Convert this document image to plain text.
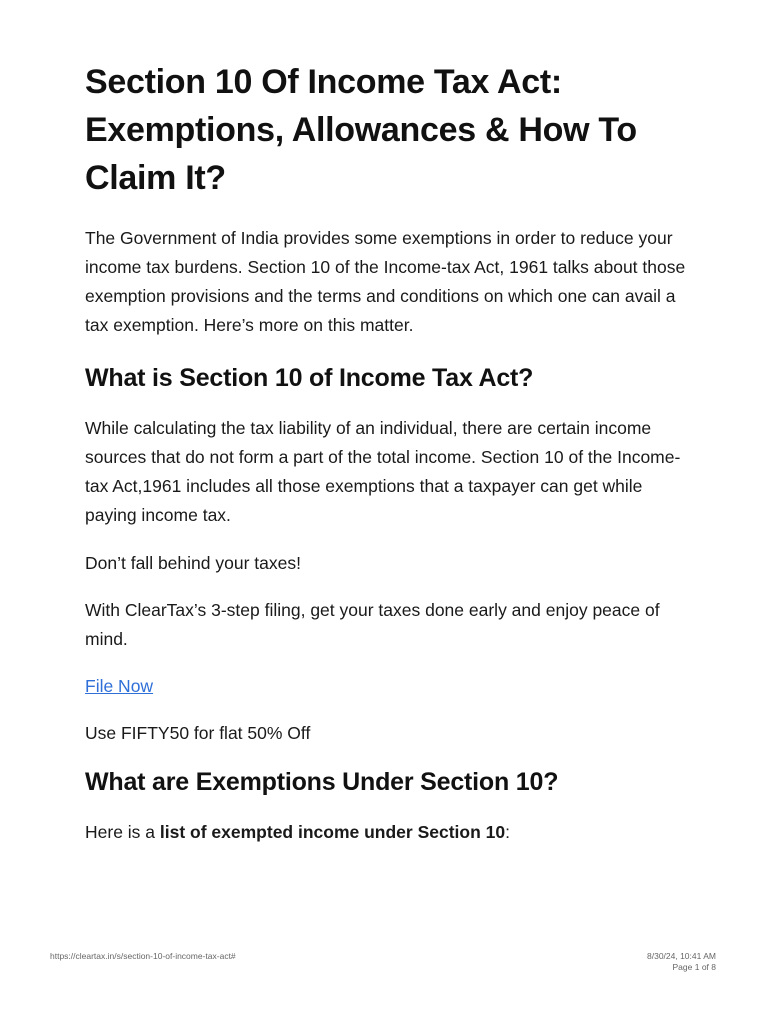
Section 10 Of Income Tax Act: Exemptions, Allowances & How To Claim It?

The Government of India provides some exemptions in order to reduce your income tax burdens. Section 10 of the Income-tax Act, 1961 talks about those exemption provisions and the terms and conditions on which one can avail a tax exemption. Here’s more on this matter.

What is Section 10 of Income Tax Act?

While calculating the tax liability of an individual, there are certain income sources that do not form a part of the total income. Section 10 of the Income-tax Act,1961 includes all those exemptions that a taxpayer can get while paying income tax.

Don’t fall behind your taxes!

With ClearTax’s 3-step filing, get your taxes done early and enjoy peace of mind.

File Now

Use FIFTY50 for flat 50% Off

What are Exemptions Under Section 10?

Here is a list of exempted income under Section 10:

https://cleartax.in/s/section-10-of-income-tax-act#	8/30/24, 10:41 AM
Page 1 of 8
